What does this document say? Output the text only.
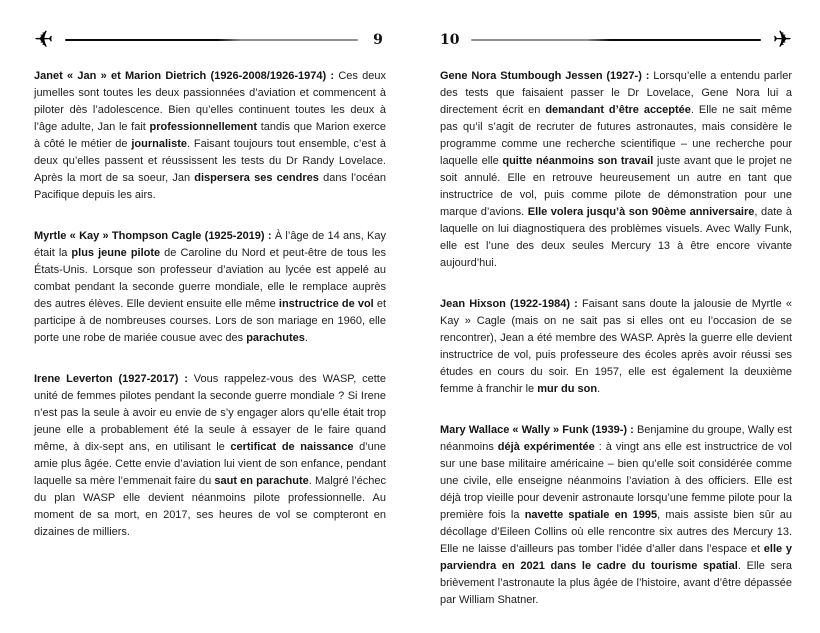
✈	9

Janet « Jan » et Marion Dietrich (1926-2008/1926-1974) : Ces deux jumelles sont toutes les deux passionnées d’aviation et commencent à piloter dès l’adolescence. Bien qu’elles continuent toutes les deux à l’âge adulte, Jan le fait professionnellement tandis que Marion exerce à côté le métier de journaliste. Faisant toujours tout ensemble, c’est à deux qu’elles passent et réussissent les tests du Dr Randy Lovelace. Après la mort de sa soeur, Jan dispersera ses cendres dans l’océan Pacifique depuis les airs.

Myrtle « Kay » Thompson Cagle (1925-2019) : À l’âge de 14 ans, Kay était la plus jeune pilote de Caroline du Nord et peut-être de tous les États-Unis. Lorsque son professeur d’aviation au lycée est appelé au combat pendant la seconde guerre mondiale, elle le remplace auprès des autres élèves. Elle devient ensuite elle même instructrice de vol et participe à de nombreuses courses. Lors de son mariage en 1960, elle porte une robe de mariée cousue avec des parachutes.

Irene Leverton (1927-2017) : Vous rappelez-vous des WASP, cette unité de femmes pilotes pendant la seconde guerre mondiale ? Si Irene n’est pas la seule à avoir eu envie de s’y engager alors qu’elle était trop jeune elle a probablement été la seule à essayer de le faire quand même, à dix-sept ans, en utilisant le certificat de naissance d’une amie plus âgée. Cette envie d’aviation lui vient de son enfance, pendant laquelle sa mère l’emmenait faire du saut en parachute. Malgré l’échec du plan WASP elle devient néanmoins pilote professionnelle. Au moment de sa mort, en 2017, ses heures de vol se compteront en dizaines de milliers.

10	✈

Gene Nora Stumbough Jessen (1927-) : Lorsqu’elle a entendu parler des tests que faisaient passer le Dr Lovelace, Gene Nora lui a directement écrit en demandant d’être acceptée. Elle ne sait même pas qu’il s’agit de recruter de futures astronautes, mais considère le programme comme une recherche scientifique – une recherche pour laquelle elle quitte néanmoins son travail juste avant que le projet ne soit annulé. Elle en retrouve heureusement un autre en tant que instructrice de vol, puis comme pilote de démonstration pour une marque d’avions. Elle volera jusqu’à son 90ème anniversaire, date à laquelle on lui diagnostiquera des problèmes visuels. Avec Wally Funk, elle est l’une des deux seules Mercury 13 à être encore vivante aujourd’hui.

Jean Hixson (1922-1984) : Faisant sans doute la jalousie de Myrtle « Kay » Cagle (mais on ne sait pas si elles ont eu l’occasion de se rencontrer), Jean a été membre des WASP. Après la guerre elle devient instructrice de vol, puis professeure des écoles après avoir réussi ses études en cours du soir. En 1957, elle est également la deuxième femme à franchir le mur du son.

Mary Wallace « Wally » Funk (1939-) : Benjamine du groupe, Wally est néanmoins déjà expérimentée : à vingt ans elle est instructrice de vol sur une base militaire américaine – bien qu’elle soit considérée comme une civile, elle enseigne néanmoins l’aviation à des officiers. Elle est déjà trop vieille pour devenir astronaute lorsqu’une femme pilote pour la première fois la navette spatiale en 1995, mais assiste bien sûr au décollage d’Eileen Collins où elle rencontre six autres des Mercury 13. Elle ne laisse d’ailleurs pas tomber l’idée d’aller dans l’espace et elle y parviendra en 2021 dans le cadre du tourisme spatial. Elle sera brièvement l’astronaute la plus âgée de l’histoire, avant d’être dépassée par William Shatner.
